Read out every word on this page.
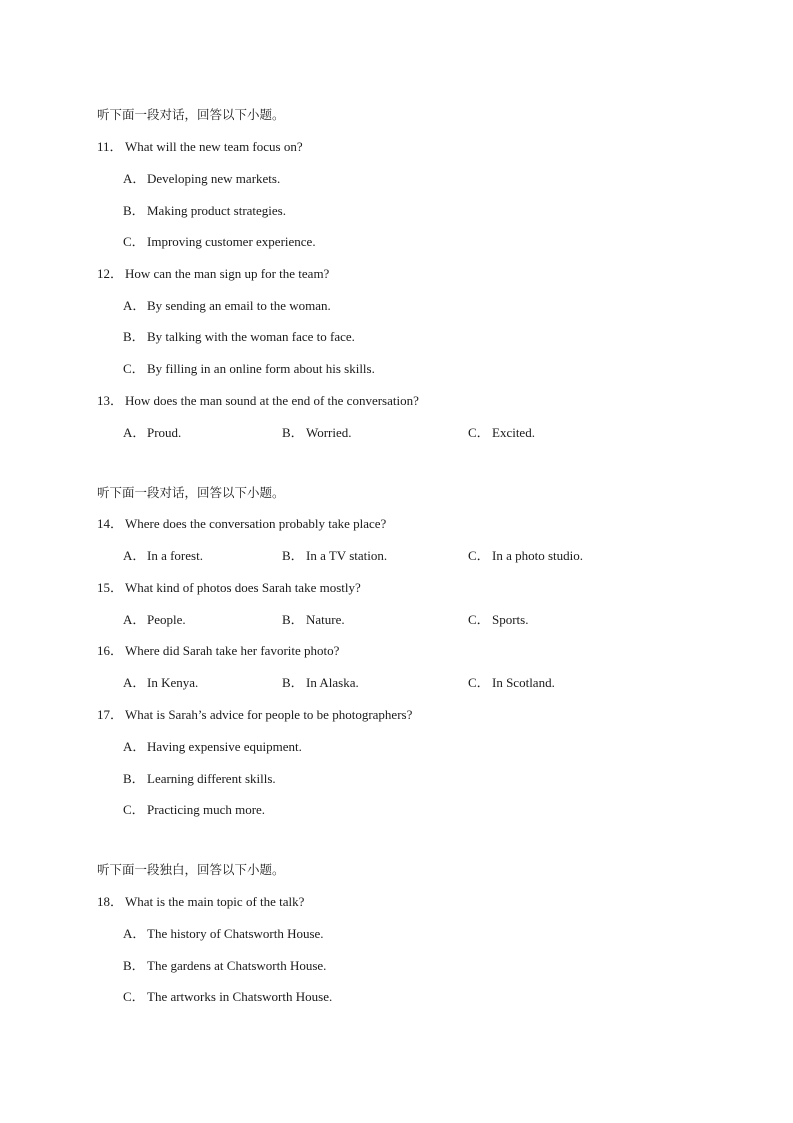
听下面一段对话，回答以下小题。
11． What will the new team focus on?
A． Developing new markets.
B． Making product strategies.
C． Improving customer experience.
12． How can the man sign up for the team?
A． By sending an email to the woman.
B． By talking with the woman face to face.
C． By filling in an online form about his skills.
13． How does the man sound at the end of the conversation?
A． Proud.	B． Worried.	C． Excited.
听下面一段对话，回答以下小题。
14． Where does the conversation probably take place?
A． In a forest.	B． In a TV station.	C． In a photo studio.
15． What kind of photos does Sarah take mostly?
A． People.	B． Nature.	C． Sports.
16． Where did Sarah take her favorite photo?
A． In Kenya.	B． In Alaska.	C． In Scotland.
17． What is Sarah’s advice for people to be photographers?
A． Having expensive equipment.
B． Learning different skills.
C． Practicing much more.
听下面一段独白，回答以下小题。
18． What is the main topic of the talk?
A． The history of Chatsworth House.
B． The gardens at Chatsworth House.
C． The artworks in Chatsworth House.
